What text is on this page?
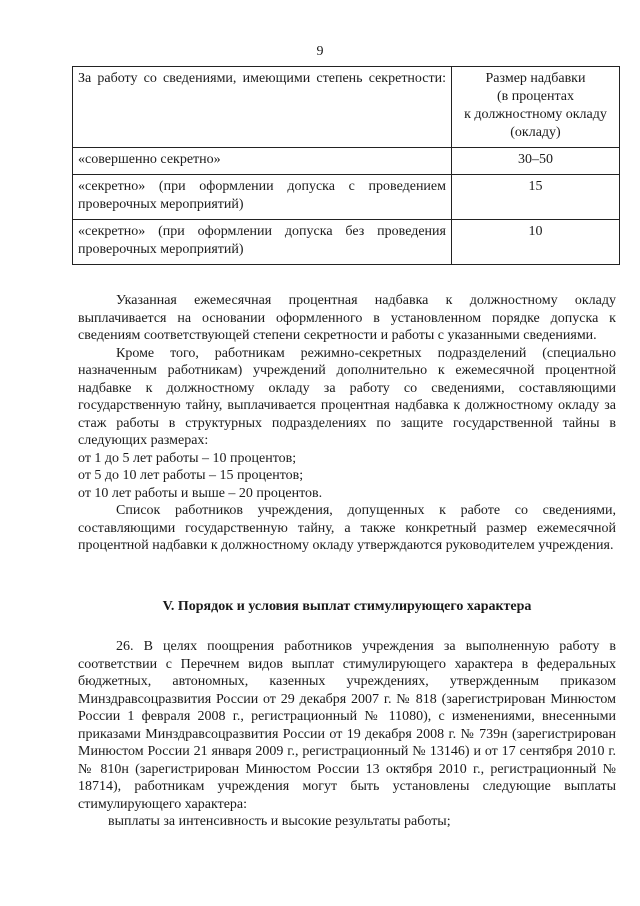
9
За работу со сведениями, имеющими степень секретности:	Размер надбавки
(в процентах
к должностному окладу
(окладу)

«совершенно секретно»	30–50
«секретно» (при оформлении допуска с проведением проверочных мероприятий)	15
«секретно» (при оформлении допуска без проведения проверочных мероприятий)	10

Указанная ежемесячная процентная надбавка к должностному окладу выплачивается на основании оформленного в установленном порядке допуска к сведениям соответствующей степени секретности и работы с указанными сведениями.

Кроме того, работникам режимно-секретных подразделений (специально назначенным работникам) учреждений дополнительно к ежемесячной процентной надбавке к должностному окладу за работу со сведениями, составляющими государственную тайну, выплачивается процентная надбавка к должностному окладу за стаж работы в структурных подразделениях по защите государственной тайны в следующих размерах:

от 1 до 5 лет работы – 10 процентов;

от 5 до 10 лет работы – 15 процентов;

от 10 лет работы и выше – 20 процентов.

Список работников учреждения, допущенных к работе со сведениями, составляющими государственную тайну, а также конкретный размер ежемесячной процентной надбавки к должностному окладу утверждаются руководителем учреждения.

V. Порядок и условия выплат стимулирующего характера

26. В целях поощрения работников учреждения за выполненную работу в соответствии с Перечнем видов выплат стимулирующего характера в федеральных бюджетных, автономных, казенных учреждениях, утвержденным приказом Минздравсоцразвития России от 29 декабря 2007 г. № 818 (зарегистрирован Минюстом России 1 февраля 2008 г., регистрационный № 11080), с изменениями, внесенными приказами Минздравсоцразвития России от 19 декабря 2008 г. № 739н (зарегистрирован Минюстом России 21 января 2009 г., регистрационный № 13146) и от 17 сентября 2010 г. № 810н (зарегистрирован Минюстом России 13 октября 2010 г., регистрационный № 18714), работникам учреждения могут быть установлены следующие выплаты стимулирующего характера:

выплаты за интенсивность и высокие результаты работы;
